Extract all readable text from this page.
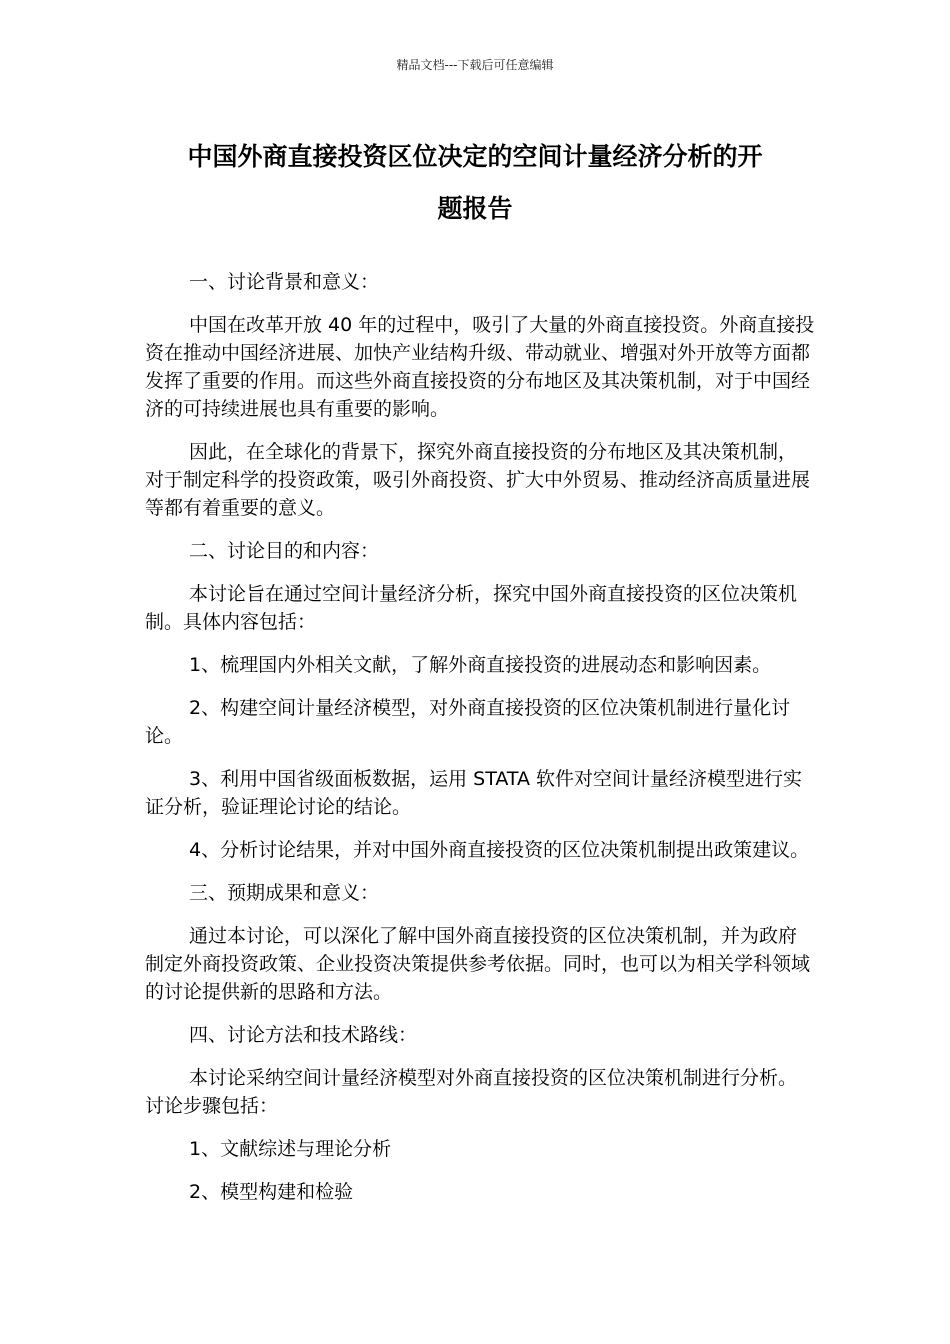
精品文档---下载后可任意编辑
中国外商直接投资区位决定的空间计量经济分析的开
题报告

一、讨论背景和意义：

中国在改革开放 40 年的过程中，吸引了大量的外商直接投资。外商直接投资在推动中国经济进展、加快产业结构升级、带动就业、增强对外开放等方面都发挥了重要的作用。而这些外商直接投资的分布地区及其决策机制，对于中国经济的可持续进展也具有重要的影响。

因此，在全球化的背景下，探究外商直接投资的分布地区及其决策机制，对于制定科学的投资政策，吸引外商投资、扩大中外贸易、推动经济高质量进展等都有着重要的意义。

二、讨论目的和内容：

本讨论旨在通过空间计量经济分析，探究中国外商直接投资的区位决策机制。具体内容包括：

1、梳理国内外相关文献，了解外商直接投资的进展动态和影响因素。

2、构建空间计量经济模型，对外商直接投资的区位决策机制进行量化讨论。

3、利用中国省级面板数据，运用 STATA 软件对空间计量经济模型进行实证分析，验证理论讨论的结论。

4、分析讨论结果，并对中国外商直接投资的区位决策机制提出政策建议。

三、预期成果和意义：

通过本讨论，可以深化了解中国外商直接投资的区位决策机制，并为政府制定外商投资政策、企业投资决策提供参考依据。同时，也可以为相关学科领域的讨论提供新的思路和方法。

四、讨论方法和技术路线：

本讨论采纳空间计量经济模型对外商直接投资的区位决策机制进行分析。讨论步骤包括：

1、文献综述与理论分析

2、模型构建和检验
